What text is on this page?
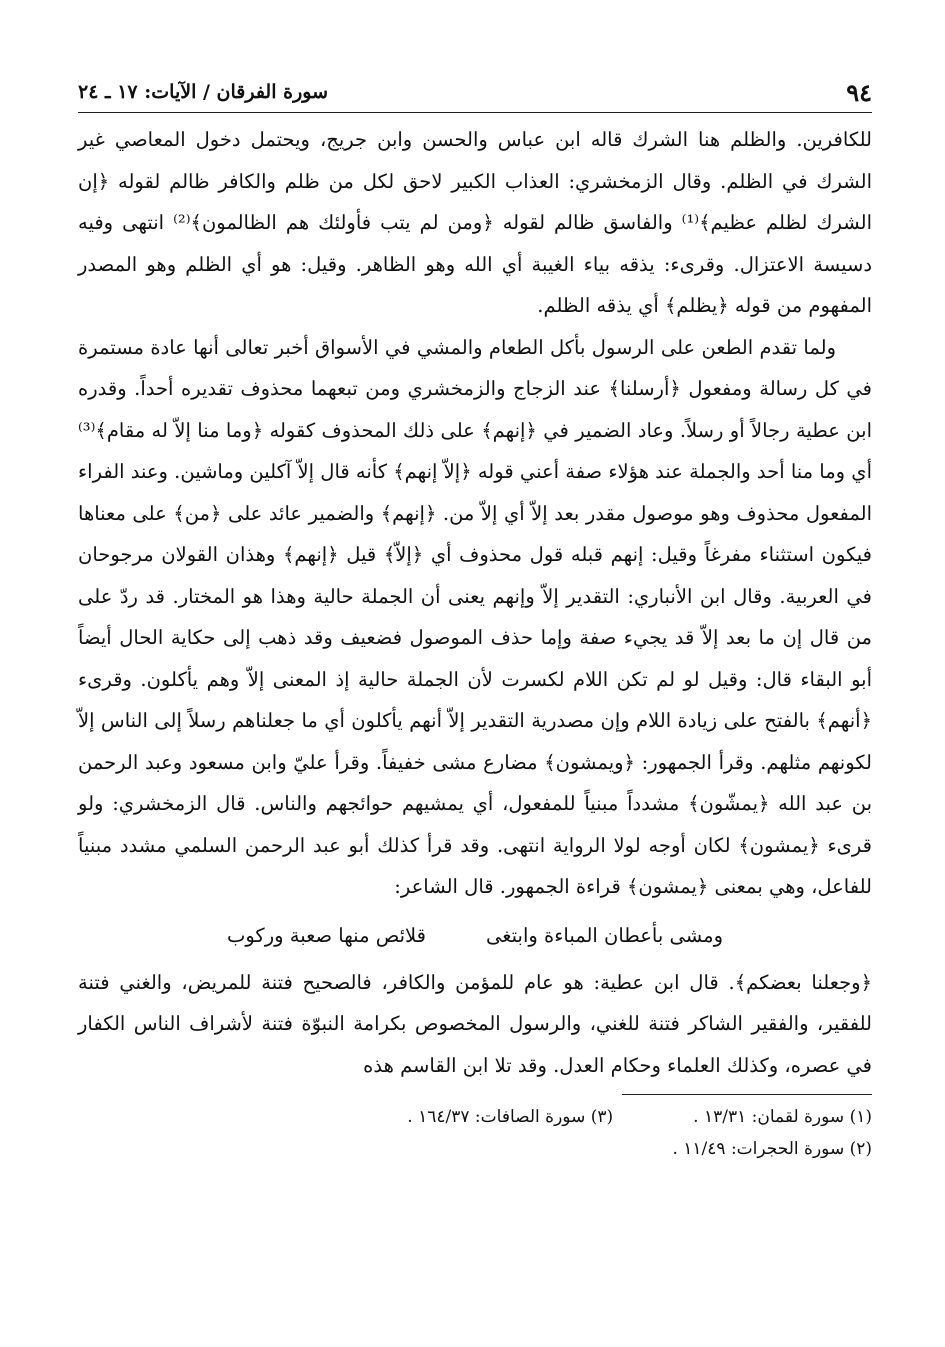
٩٤
سورة الفرقان / الآيات: ١٧ ـ ٢٤

للكافرين. والظلم هنا الشرك قاله ابن عباس والحسن وابن جريج، ويحتمل دخول المعاصي غير الشرك في الظلم. وقال الزمخشري: العذاب الكبير لاحق لكل من ظلم والكافر ظالم لقوله ﴿إن الشرك لظلم عظيم﴾⁽¹⁾ والفاسق ظالم لقوله ﴿ومن لم يتب فأولئك هم الظالمون﴾⁽²⁾ انتهى وفيه دسيسة الاعتزال. وقرىء: يذقه بياء الغيبة أي الله وهو الظاهر. وقيل: هو أي الظلم وهو المصدر المفهوم من قوله ﴿يظلم﴾ أي يذقه الظلم.

ولما تقدم الطعن على الرسول بأكل الطعام والمشي في الأسواق أخبر تعالى أنها عادة مستمرة في كل رسالة ومفعول ﴿أرسلنا﴾ عند الزجاج والزمخشري ومن تبعهما محذوف تقديره أحداً. وقدره ابن عطية رجالاً أو رسلاً. وعاد الضمير في ﴿إنهم﴾ على ذلك المحذوف كقوله ﴿وما منا إلاّ له مقام﴾⁽³⁾ أي وما منا أحد والجملة عند هؤلاء صفة أعني قوله ﴿إلاّ إنهم﴾ كأنه قال إلاّ آكلين وماشين. وعند الفراء المفعول محذوف وهو موصول مقدر بعد إلاّ أي إلاّ من. ﴿إنهم﴾ والضمير عائد على ﴿من﴾ على معناها فيكون استثناء مفرغاً وقيل: إنهم قبله قول محذوف أي ﴿إلاّ﴾ قيل ﴿إنهم﴾ وهذان القولان مرجوحان في العربية. وقال ابن الأنباري: التقدير إلاّ وإنهم يعنى أن الجملة حالية وهذا هو المختار. قد ردّ على من قال إن ما بعد إلاّ قد يجيء صفة وإما حذف الموصول فضعيف وقد ذهب إلى حكاية الحال أيضاً أبو البقاء قال: وقيل لو لم تكن اللام لكسرت لأن الجملة حالية إذ المعنى إلاّ وهم يأكلون. وقرىء ﴿أنهم﴾ بالفتح على زيادة اللام وإن مصدرية التقدير إلاّ أنهم يأكلون أي ما جعلناهم رسلاً إلى الناس إلاّ لكونهم مثلهم. وقرأ الجمهور: ﴿ويمشون﴾ مضارع مشى خفيفاً. وقرأ عليّ وابن مسعود وعبد الرحمن بن عبد الله ﴿يمشّون﴾ مشدداً مبنياً للمفعول، أي يمشيهم حوائجهم والناس. قال الزمخشري: ولو قرىء ﴿يمشون﴾ لكان أوجه لولا الرواية انتهى. وقد قرأ كذلك أبو عبد الرحمن السلمي مشدد مبنياً للفاعل، وهي بمعنى ﴿يمشون﴾ قراءة الجمهور. قال الشاعر:

ومشى بأعطان المباءة وابتغى
قلائص منها صعبة وركوب

﴿وجعلنا بعضكم﴾. قال ابن عطية: هو عام للمؤمن والكافر، فالصحيح فتنة للمريض، والغني فتنة للفقير، والفقير الشاكر فتنة للغني، والرسول المخصوص بكرامة النبوّة فتنة لأشراف الناس الكفار في عصره، وكذلك العلماء وحكام العدل. وقد تلا ابن القاسم هذه

(١) سورة لقمان: ١٣/٣١ .
(٣) سورة الصافات: ١٦٤/٣٧ .
(٢) سورة الحجرات: ١١/٤٩ .
